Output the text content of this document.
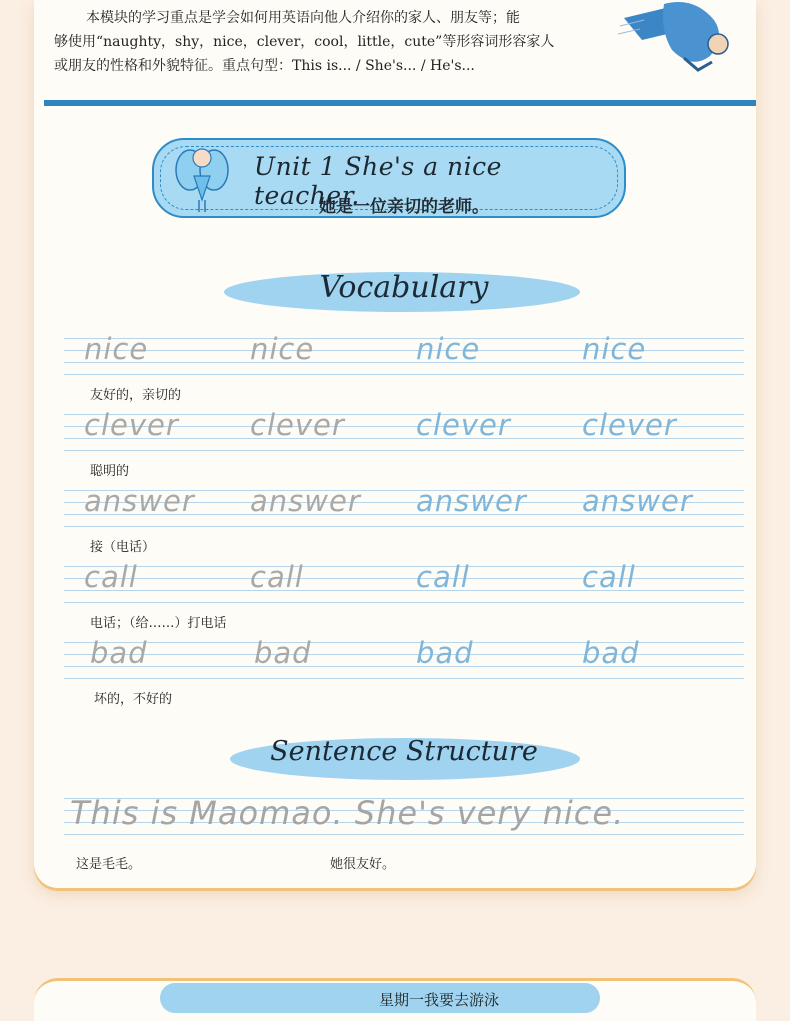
本模块的学习重点是学会如何用英语向他人介绍你的家人、朋友等；能

够使用“naughty，shy，nice，clever，cool，little，cute”等形容词形容家人

或朋友的性格和外貌特征。重点句型：This is... / She's... / He's...

Unit 1 She's a nice teacher.
她是一位亲切的老师。
Vocabulary
nice	nice	nice	nice
友好的，亲切的
clever clever clever clever
聪明的
answer answer answer answer
接（电话）
call	call	call	call
电话；（给……）打电话
bad	bad	bad	bad
坏的，不好的
Sentence Structure
This is Maomao. She's very nice.
这是毛毛。	她很友好。
星期一我要去游泳
